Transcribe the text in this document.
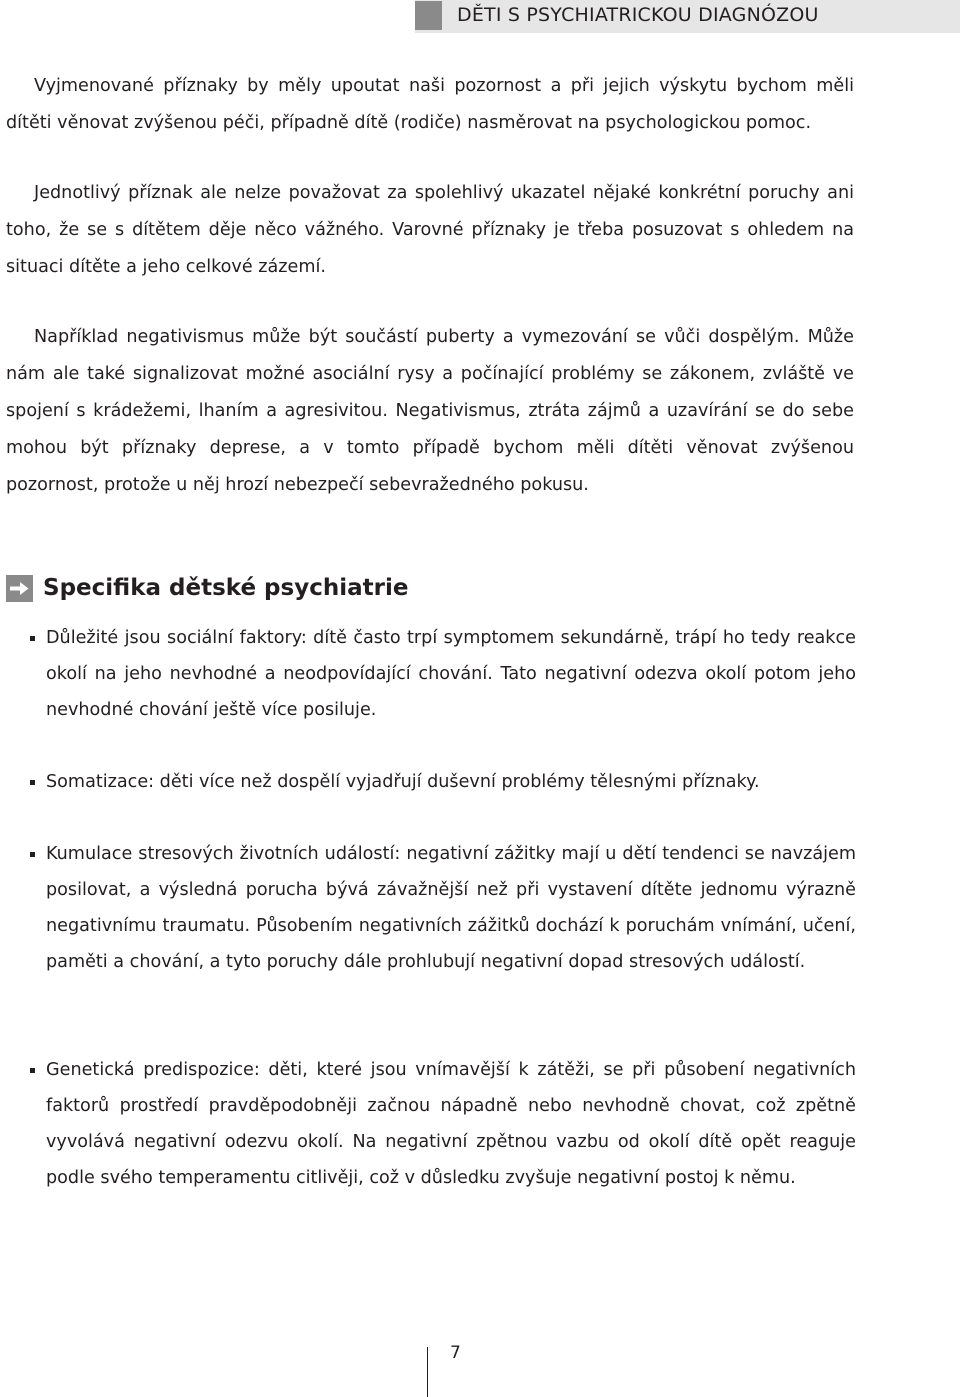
DĚTI S PSYCHIATRICKOU DIAGNÓZOU

Vyjmenované příznaky by měly upoutat naši pozornost a při jejich výskytu bychom měli dítěti věnovat zvýšenou péči, případně dítě (rodiče) nasměrovat na psychologickou pomoc.

Jednotlivý příznak ale nelze považovat za spolehlivý ukazatel nějaké konkrétní poruchy ani toho, že se s dítětem děje něco vážného. Varovné příznaky je třeba posuzovat s ohledem na situaci dítěte a jeho celkové zázemí.

Například negativismus může být součástí puberty a vymezování se vůči dospělým. Může nám ale také signalizovat možné asociální rysy a počínající problémy se zákonem, zvláště ve spojení s krádežemi, lhaním a agresivitou. Negativismus, ztráta zájmů a uzavírání se do sebe mohou být příznaky deprese, a v tomto případě bychom měli dítěti věnovat zvýšenou pozornost, protože u něj hrozí nebezpečí sebevražedného pokusu.

Specifika dětské psychiatrie

Důležité jsou sociální faktory: dítě často trpí symptomem sekundárně, trápí ho tedy reakce okolí na jeho nevhodné a neodpovídající chování. Tato negativní odezva okolí potom jeho nevhodné chování ještě více posiluje.

Somatizace: děti více než dospělí vyjadřují duševní problémy tělesnými příznaky.

Kumulace stresových životních událostí: negativní zážitky mají u dětí tendenci se navzájem posilovat, a výsledná porucha bývá závažnější než při vystavení dítěte jednomu výrazně negativnímu traumatu. Působením negativních zážitků dochází k poruchám vnímání, učení, paměti a chování, a tyto poruchy dále prohlubují negativní dopad stresových událostí.

Genetická predispozice: děti, které jsou vnímavější k zátěži, se při působení negativních faktorů prostředí pravděpodobněji začnou nápadně nebo nevhodně chovat, což zpětně vyvolává negativní odezvu okolí. Na negativní zpětnou vazbu od okolí dítě opět reaguje podle svého temperamentu citlivěji, což v důsledku zvyšuje negativní postoj k němu.

7
